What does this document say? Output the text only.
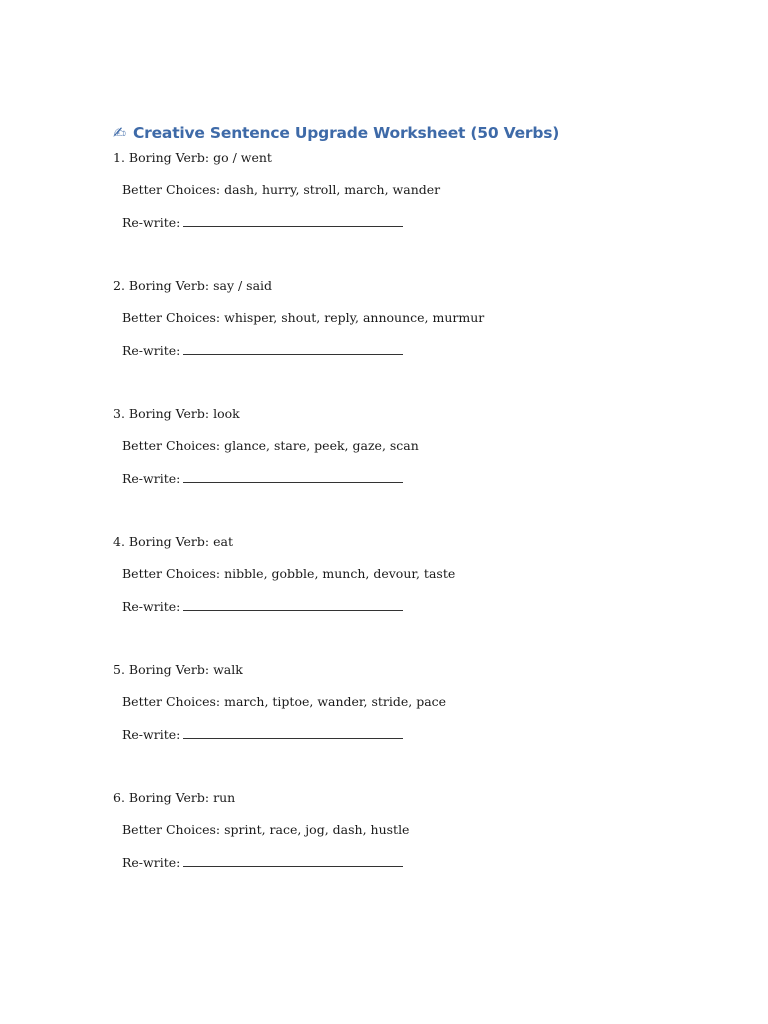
✍ Creative Sentence Upgrade Worksheet (50 Verbs)
1. Boring Verb: go / went
Better Choices: dash, hurry, stroll, march, wander
Re-write:
2. Boring Verb: say / said
Better Choices: whisper, shout, reply, announce, murmur
Re-write:
3. Boring Verb: look
Better Choices: glance, stare, peek, gaze, scan
Re-write:
4. Boring Verb: eat
Better Choices: nibble, gobble, munch, devour, taste
Re-write:
5. Boring Verb: walk
Better Choices: march, tiptoe, wander, stride, pace
Re-write:
6. Boring Verb: run
Better Choices: sprint, race, jog, dash, hustle
Re-write:
